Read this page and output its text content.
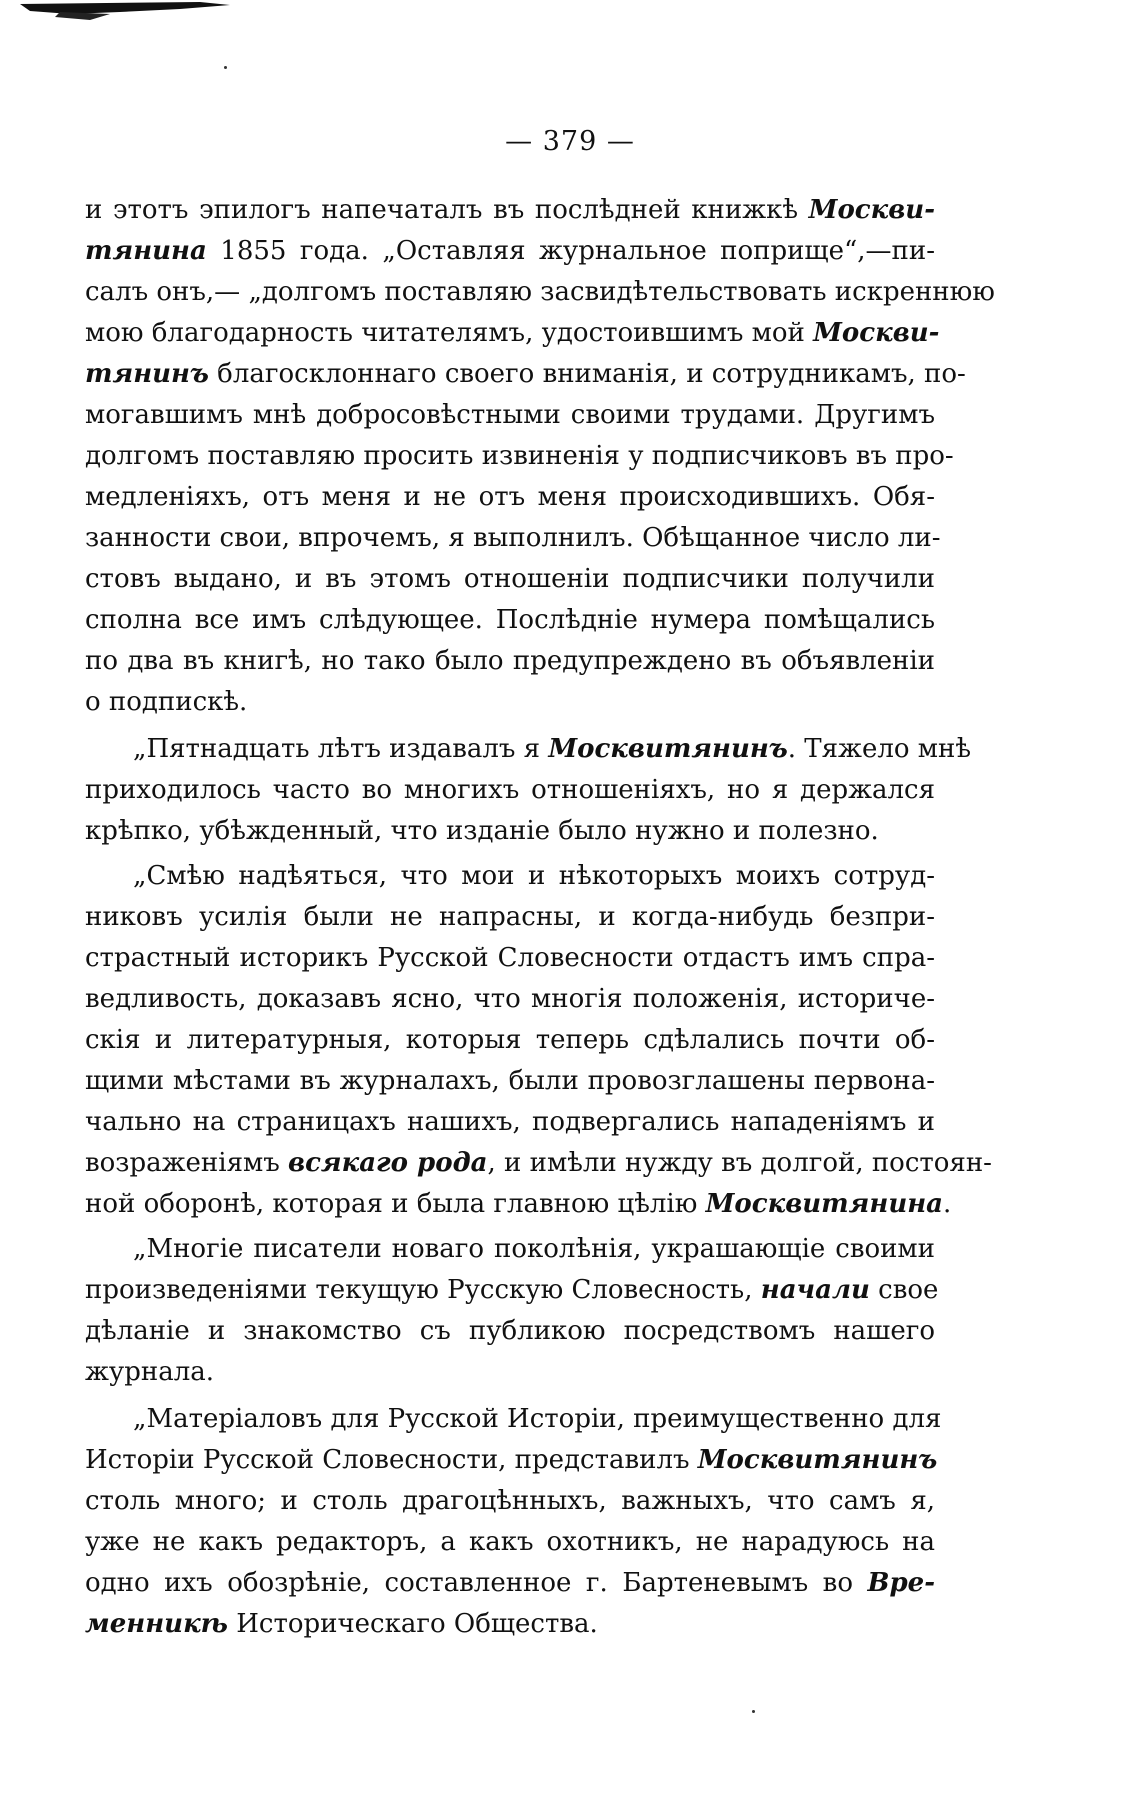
— 379 —
и этотъ эпилогъ напечаталъ въ послѣдней книжкѣ Москви-
тянина 1855 года. „Оставляя журнальное поприще“,—пи-
салъ онъ,— „долгомъ поставляю засвидѣтельствовать искреннюю
мою благодарность читателямъ, удостоившимъ мой Москви-
тянинъ благосклоннаго своего вниманія, и сотрудникамъ, по-
могавшимъ мнѣ добросовѣстными своими трудами. Другимъ
долгомъ поставляю просить извиненія у подписчиковъ въ про-
медленіяхъ, отъ меня и не отъ меня происходившихъ. Обя-
занности свои, впрочемъ, я выполнилъ. Обѣщанное число ли-
стовъ выдано, и въ этомъ отношеніи подписчики получили
сполна все имъ слѣдующее. Послѣдніе нумера помѣщались
по два въ книгѣ, но тако было предупреждено въ объявленіи
о подпискѣ.
„Пятнадцать лѣтъ издавалъ я Москвитянинъ. Тяжело мнѣ
приходилось часто во многихъ отношеніяхъ, но я держался
крѣпко, убѣжденный, что изданіе было нужно и полезно.
„Смѣю надѣяться, что мои и нѣкоторыхъ моихъ сотруд-
никовъ усилія были не напрасны, и когда-нибудь безпри-
страстный историкъ Русской Словесности отдастъ имъ спра-
ведливость, доказавъ ясно, что многія положенія, историче-
скія и литературныя, которыя теперь сдѣлались почти об-
щими мѣстами въ журналахъ, были провозглашены первона-
чально на страницахъ нашихъ, подвергались нападеніямъ и
возраженіямъ всякаго рода, и имѣли нужду въ долгой, постоян-
ной оборонѣ, которая и была главною цѣлію Москвитянина.
„Многіе писатели новаго поколѣнія, украшающіе своими
произведеніями текущую Русскую Словесность, начали свое
дѣланіе и знакомство съ публикою посредствомъ нашего
журнала.
„Матеріаловъ для Русской Исторіи, преимущественно для
Исторіи Русской Словесности, представилъ Москвитянинъ
столь много; и столь драгоцѣнныхъ, важныхъ, что самъ я,
уже не какъ редакторъ, а какъ охотникъ, не нарадуюсь на
одно ихъ обозрѣніе, составленное г. Бартеневымъ во Вре-
менникѣ Историческаго Общества.
